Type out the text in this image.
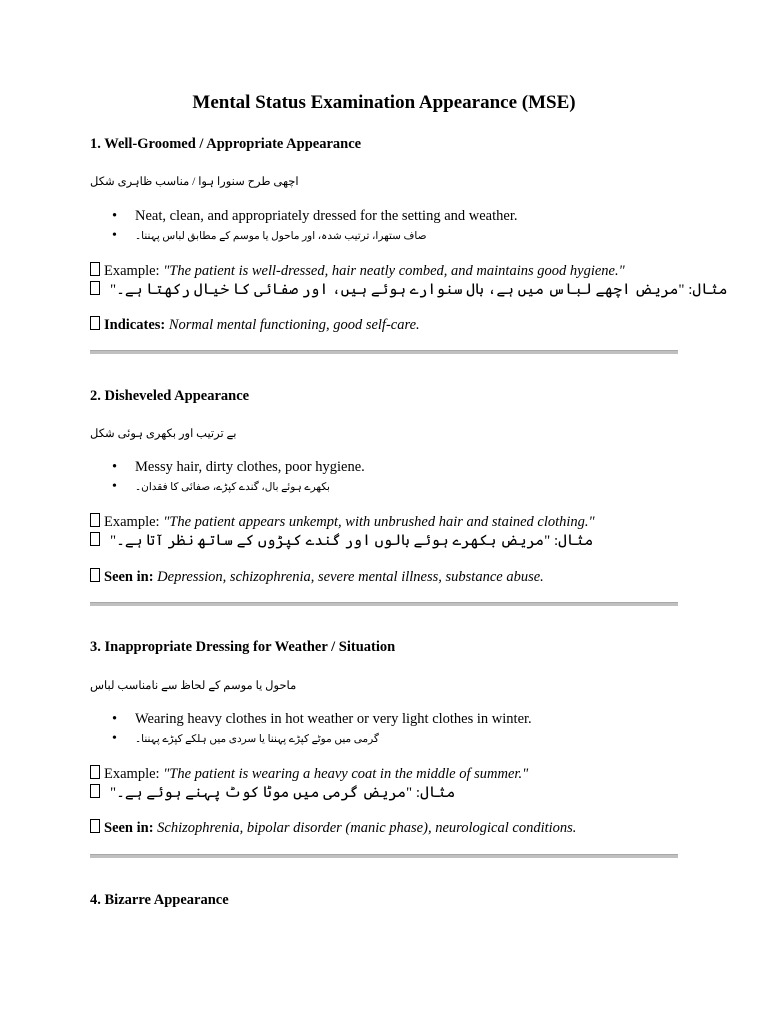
Mental Status Examination Appearance (MSE)
1. Well-Groomed / Appropriate Appearance
اچھی طرح سنورا ہوا / مناسب ظاہری شکل
• Neat, clean, and appropriately dressed for the setting and weather.
• صاف ستھرا، ترتیب شدہ، اور ماحول یا موسم کے مطابق لباس پہننا۔
Example: "The patient is well-dressed, hair neatly combed, and maintains good hygiene."
مثال: "مریض اچھے لباس میں ہے، بال سنوارے ہوئے ہیں، اور صفائی کا خیال رکھتا ہے۔"
Indicates: Normal mental functioning, good self-care.
2. Disheveled Appearance
بے ترتیب اور بکھری ہوئی شکل
• Messy hair, dirty clothes, poor hygiene.
• بکھرے ہوئے بال، گندے کپڑے، صفائی کا فقدان۔
Example: "The patient appears unkempt, with unbrushed hair and stained clothing."
مثال: "مریض بکھرے ہوئے بالوں اور گندے کپڑوں کے ساتھ نظر آتا ہے۔"
Seen in: Depression, schizophrenia, severe mental illness, substance abuse.
3. Inappropriate Dressing for Weather / Situation
ماحول یا موسم کے لحاظ سے نامناسب لباس
• Wearing heavy clothes in hot weather or very light clothes in winter.
• گرمی میں موٹے کپڑے پہننا یا سردی میں ہلکے کپڑے پہننا۔
Example: "The patient is wearing a heavy coat in the middle of summer."
مثال: "مریض گرمی میں موٹا کوٹ پہنے ہوئے ہے۔"
Seen in: Schizophrenia, bipolar disorder (manic phase), neurological conditions.
4. Bizarre Appearance
